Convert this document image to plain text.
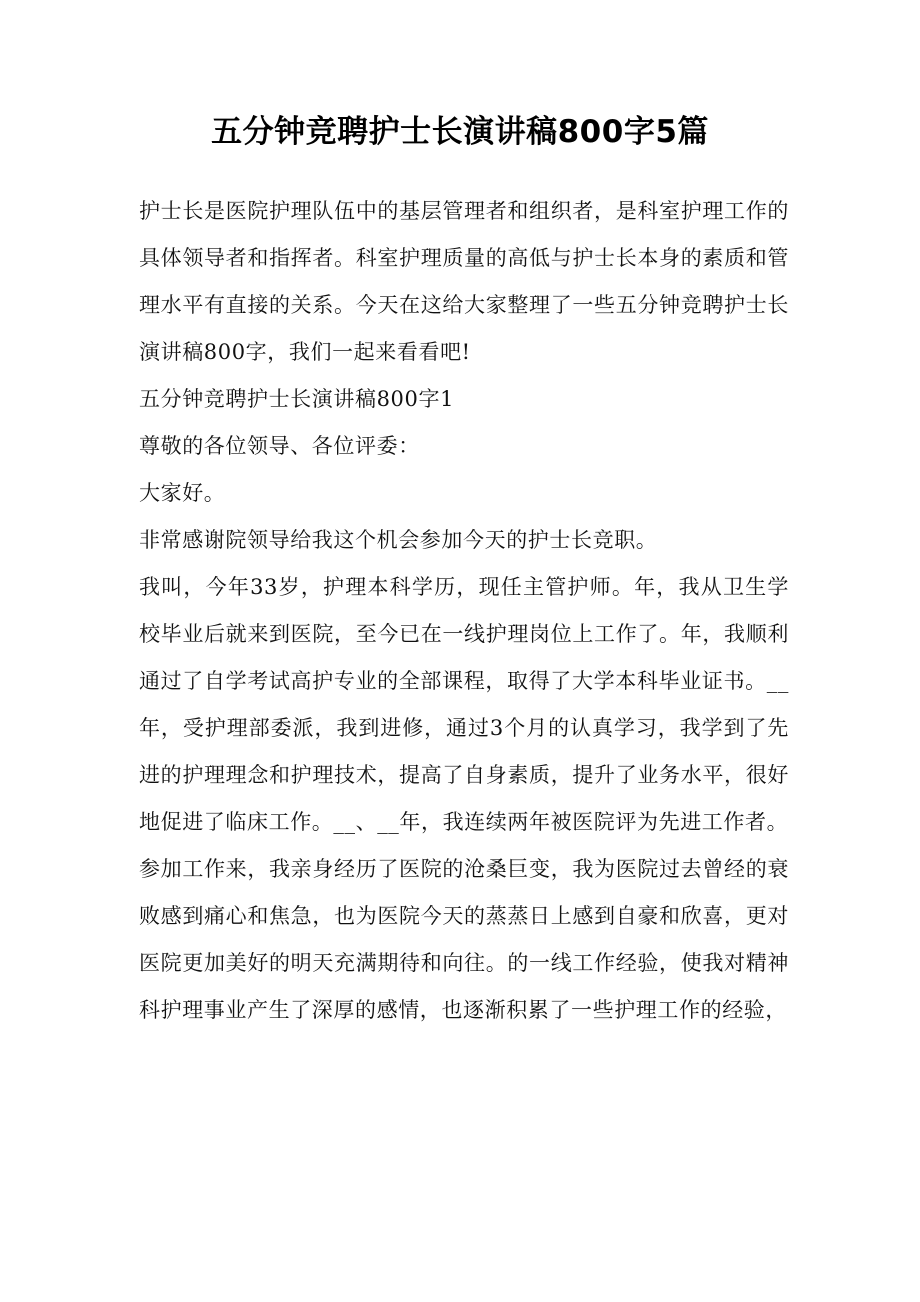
五分钟竞聘护士长演讲稿800字5篇

护士长是医院护理队伍中的基层管理者和组织者，是科室护理工作的具体领导者和指挥者。科室护理质量的高低与护士长本身的素质和管理水平有直接的关系。今天在这给大家整理了一些五分钟竞聘护士长演讲稿800字，我们一起来看看吧!

五分钟竞聘护士长演讲稿800字1

尊敬的各位领导、各位评委：

大家好。

非常感谢院领导给我这个机会参加今天的护士长竞职。

我叫，今年33岁，护理本科学历，现任主管护师。年，我从卫生学校毕业后就来到医院，至今已在一线护理岗位上工作了。年，我顺利通过了自学考试高护专业的全部课程，取得了大学本科毕业证书。__年，受护理部委派，我到进修，通过3个月的认真学习，我学到了先进的护理理念和护理技术，提高了自身素质，提升了业务水平，很好地促进了临床工作。__、__年，我连续两年被医院评为先进工作者。

参加工作来，我亲身经历了医院的沧桑巨变，我为医院过去曾经的衰败感到痛心和焦急，也为医院今天的蒸蒸日上感到自豪和欣喜，更对医院更加美好的明天充满期待和向往。的一线工作经验，使我对精神科护理事业产生了深厚的感情，也逐渐积累了一些护理工作的经验，
